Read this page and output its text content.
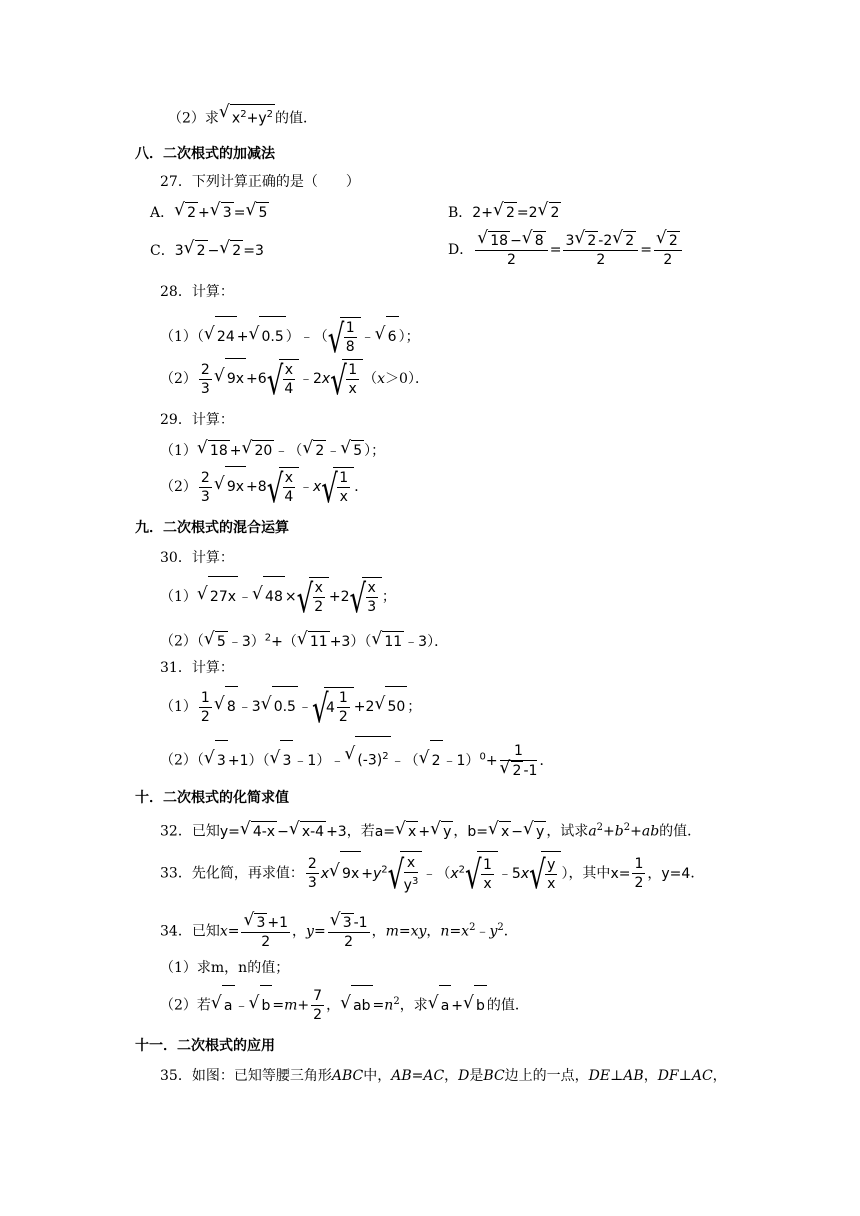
（2）求√ $x^2+y^2$ 的值．
八．二次根式的加减法
27．下列计算正确的是（　　）
A．√ 2 +√ 3 =√ 5	B．2+√ 2 =2√ 2
C．3√ 2 −√ 2 =3	D．
√ $\frac{18 -√ 8}{2} = \frac{3√ 2 -2√ 2}{2}$ =
√ $\frac{2}{2}$
28．计算：
（1）（√ 24 +√ 0.5 ）﹣（
√ $\frac{1}{8}$ ﹣√ 6 ）；
$(2) \frac{2}{3}$
√ 9x +6
√ $\frac{x}{4}$ ﹣2x
√ $\frac{1}{x} (x>0)$．
29．计算：
（1）√ 18 +√ 20 ﹣（√ 2 ﹣√ 5 ）；
$(2) \frac{2}{3}$
√ 9x +8
√ $\frac{x}{4}$ ﹣x
√ $\frac{1}{x}$ ．
九．二次根式的混合运算
30．计算：
（1）√ 27x ﹣√ 48 ×
√ $\frac{x}{2} +2$
√ $\frac{x}{3}$ ；
（2）（√ 5 ﹣3）$^2$+（√ 11 +3）（√ 11 ﹣3）．
31．计算：
$(1) \frac{1}{2}$
√ 8 ﹣3√ 0.5 ﹣√ $4 \frac{1}{2} +2√$ 50 ；
（2）（√ 3 +1）（√ 3 ﹣1）﹣√ $(-3)^2$ ﹣（√ 2 ﹣1）$^0$+ 1
√ 2 -1 ．
十．二次根式的化简求值
32．已知y=√ 4-x −√ x-4 +3，若a=√ x +√ y ，b=√ x −√ y ，试求$a^2+b^2+ab$的值．
33．先化简，再求值： $\frac{2}{3} x√$ $9x +y^2$
√ $\frac{x}{y^3}$ $﹣(x^2$
√ $\frac{1}{x}$ ﹣5x
√ $\frac{y}{x}$ ），其中$x= \frac{1}{2}$ ，y=4．
34．已知x=
√ $\frac{3 +1}{2}$ ，y=
√ $\frac{3 -1}{2}$ ，m=xy，$n=x^2﹣y^2$．
（1）求m，n的值；
（2）若√ a ﹣√ $b =m+ \frac{7}{2}$ ，√ ab $=n^2$，求√ a +√ b 的值．
十一．二次根式的应用
35．如图：已知等腰三角形ABC中，AB=AC，D是BC边上的一点，DE⊥AB，DF⊥AC，
